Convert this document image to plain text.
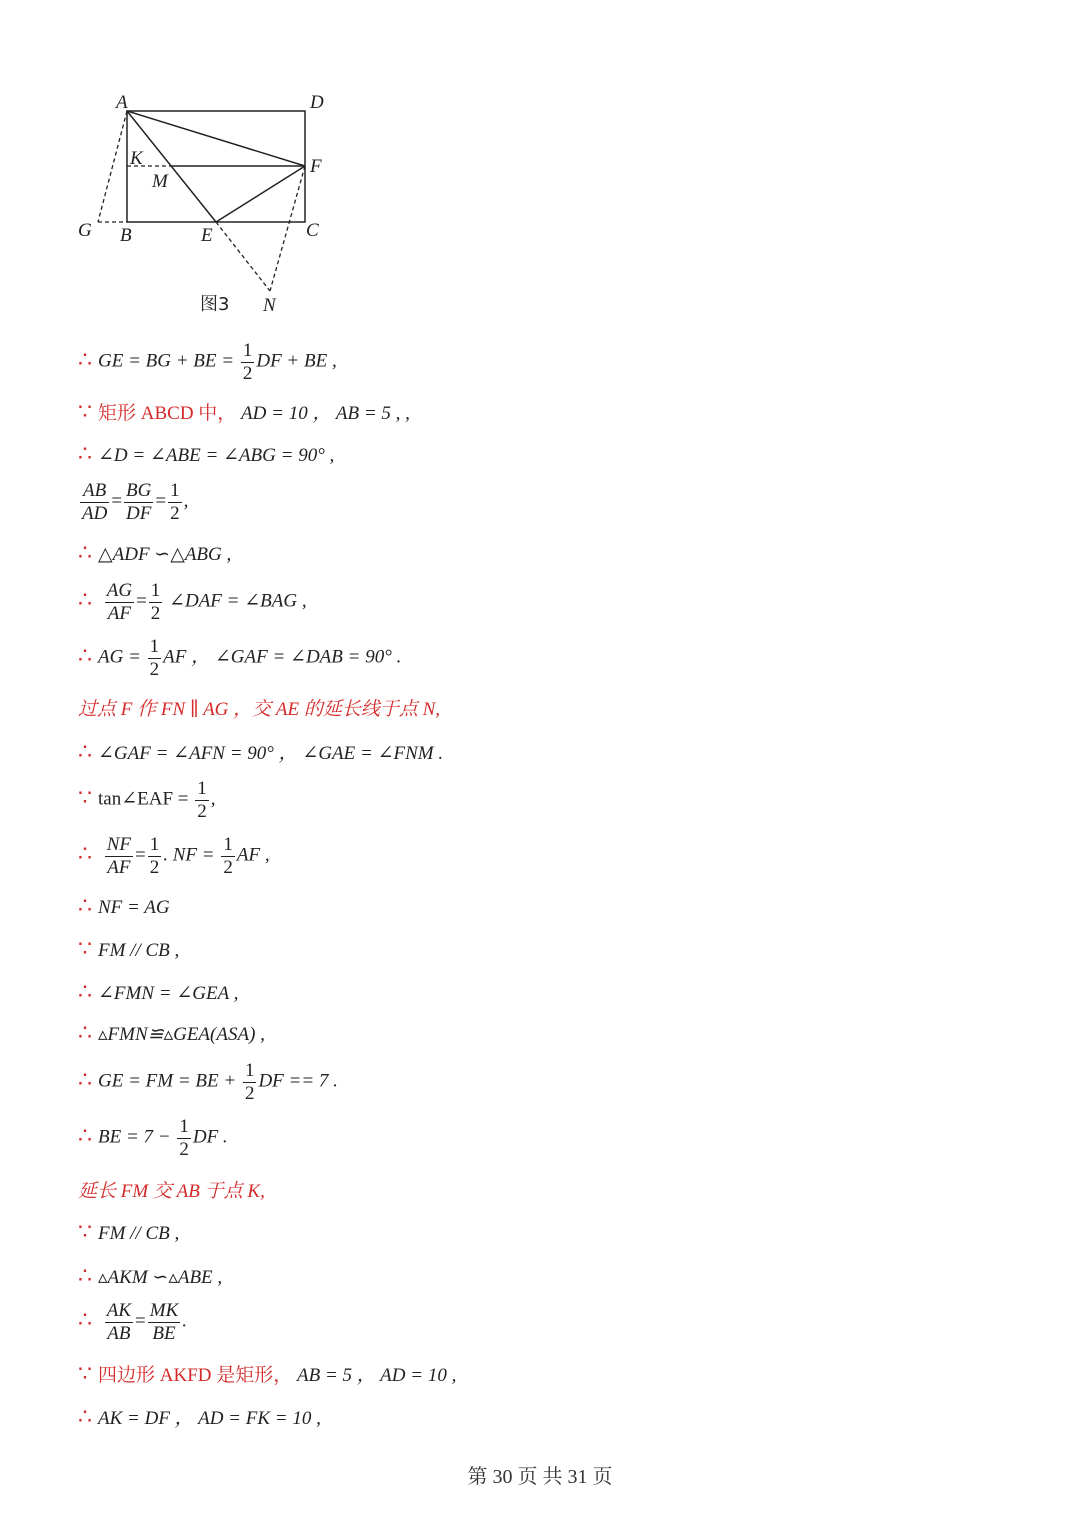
A	D
K
M
F
G B	E	C
N
图3
∴ GE = BG + BE = $\frac{1}{2}$ DF + BE ,
∵ 矩形 ABCD 中， AD = 10 ， AB = 5 , ,
∴ ∠D = ∠ABE = ∠ABG = 90° ,
$\frac{AB}{AD} = \frac{BG}{DF} = \frac{1}{2}$ ,
∴ △ADF ∽△ABG ,
∴ $\frac{AG}{AF} = \frac{1}{2}$ ∠DAF = ∠BAG ,
∴ AG = $\frac{1}{2}$ AF ， ∠GAF = ∠DAB = 90° .
过点 F 作 FN ∥ AG ，交 AE 的延长线于点 N,
∴ ∠GAF = ∠AFN = 90° ， ∠GAE = ∠FNM .
∵ tan∠EAF = $\frac{1}{2}$ ,
∴ $\frac{NF}{AF} = \frac{1}{2}$ . NF = $\frac{1}{2}$ AF ,
∴ NF = AG
∵ FM // CB ,
∴ ∠FMN = ∠GEA ,
∴ ▵FMN≌▵GEA(ASA) ,
∴ GE = FM = BE + $\frac{1}{2}$ DF == 7 .
∴ BE = $7 - \frac{1}{2}$ DF .
延长 FM 交 AB 于点 K,
∵ FM // CB ,
∴ ▵AKM ∽▵ABE ,
∴ $\frac{AK}{AB} = \frac{MK}{BE}$ .
∵ 四边形 AKFD 是矩形， AB = 5 ， AD = 10 ,
∴ AK = DF ， AD = FK = 10 ,
第 30 页 共 31 页
